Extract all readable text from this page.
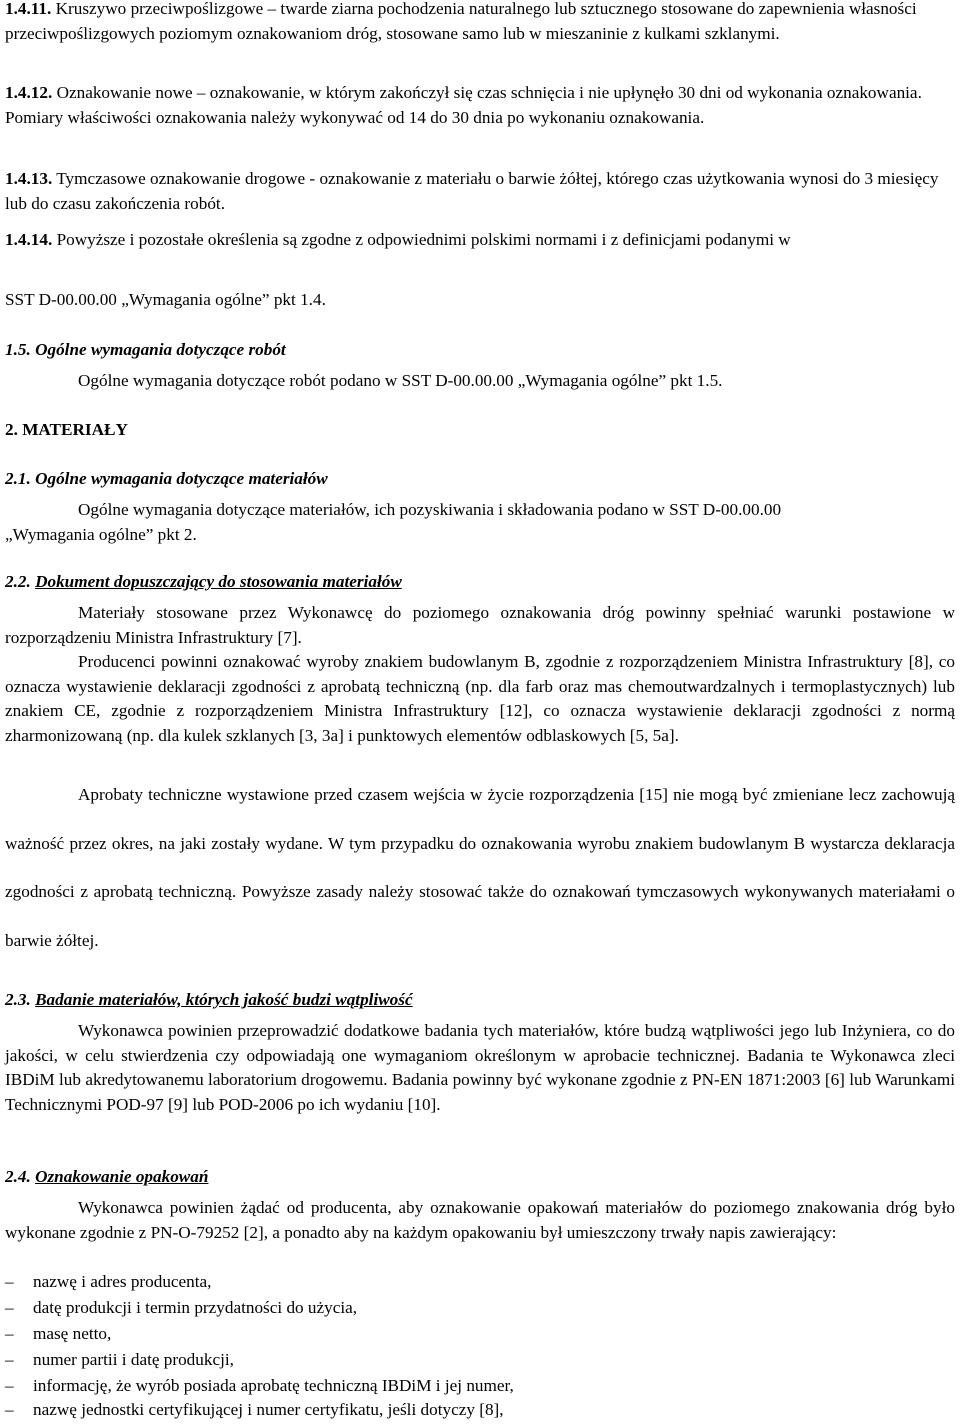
1.4.11. Kruszywo przeciwpoślizgowe – twarde ziarna pochodzenia naturalnego lub sztucznego stosowane do zapewnienia własności przeciwpoślizgowych poziomym oznakowaniom dróg, stosowane samo lub w mieszaninie z kulkami szklanymi.

1.4.12. Oznakowanie nowe – oznakowanie, w którym zakończył się czas schnięcia i nie upłynęło 30 dni od wykonania oznakowania. Pomiary właściwości oznakowania należy wykonywać od 14 do 30 dnia po wykonaniu oznakowania.

1.4.13. Tymczasowe oznakowanie drogowe - oznakowanie z materiału o barwie żółtej, którego czas użytkowania wynosi do 3 miesięcy lub do czasu zakończenia robót.

1.4.14. Powyższe i pozostałe określenia są zgodne z odpowiednimi polskimi normami i z definicjami podanymi w

SST D-00.00.00 „Wymagania ogólne” pkt 1.4.

1.5. Ogólne wymagania dotyczące robót

Ogólne wymagania dotyczące robót podano w SST D-00.00.00 „Wymagania ogólne” pkt 1.5.

2. MATERIAŁY

2.1. Ogólne wymagania dotyczące materiałów

Ogólne wymagania dotyczące materiałów, ich pozyskiwania i składowania podano w SST D-00.00.00

„Wymagania ogólne” pkt 2.

2.2. Dokument dopuszczający do stosowania materiałów

Materiały stosowane przez Wykonawcę do poziomego oznakowania dróg powinny spełniać warunki postawione w rozporządzeniu Ministra Infrastruktury [7].

Producenci powinni oznakować wyroby znakiem budowlanym B, zgodnie z rozporządzeniem Ministra Infrastruktury [8], co oznacza wystawienie deklaracji zgodności z aprobatą techniczną (np. dla farb oraz mas chemoutwardzalnych i termoplastycznych) lub znakiem CE, zgodnie z rozporządzeniem Ministra Infrastruktury [12], co oznacza wystawienie deklaracji zgodności z normą zharmonizowaną (np. dla kulek szklanych [3, 3a] i punktowych elementów odblaskowych [5, 5a].

Aprobaty techniczne wystawione przed czasem wejścia w życie rozporządzenia [15] nie mogą być zmieniane lecz zachowują ważność przez okres, na jaki zostały wydane. W tym przypadku do oznakowania wyrobu znakiem budowlanym B wystarcza deklaracja zgodności z aprobatą techniczną. Powyższe zasady należy stosować także do oznakowań tymczasowych wykonywanych materiałami o barwie żółtej.

2.3. Badanie materiałów, których jakość budzi wątpliwość

Wykonawca powinien przeprowadzić dodatkowe badania tych materiałów, które budzą wątpliwości jego lub Inżyniera, co do jakości, w celu stwierdzenia czy odpowiadają one wymaganiom określonym w aprobacie technicznej. Badania te Wykonawca zleci IBDiM lub akredytowanemu laboratorium drogowemu. Badania powinny być wykonane zgodnie z PN-EN 1871:2003 [6] lub Warunkami Technicznymi POD-97 [9] lub POD-2006 po ich wydaniu [10].

2.4. Oznakowanie opakowań

Wykonawca powinien żądać od producenta, aby oznakowanie opakowań materiałów do poziomego znakowania dróg było wykonane zgodnie z PN-O-79252 [2], a ponadto aby na każdym opakowaniu był umieszczony trwały napis zawierający:

– nazwę i adres producenta,
– datę produkcji i termin przydatności do użycia,
– masę netto,
– numer partii i datę produkcji,
– informację, że wyrób posiada aprobatę techniczną IBDiM i jej numer,
– nazwę jednostki certyfikującej i numer certyfikatu, jeśli dotyczy [8],
